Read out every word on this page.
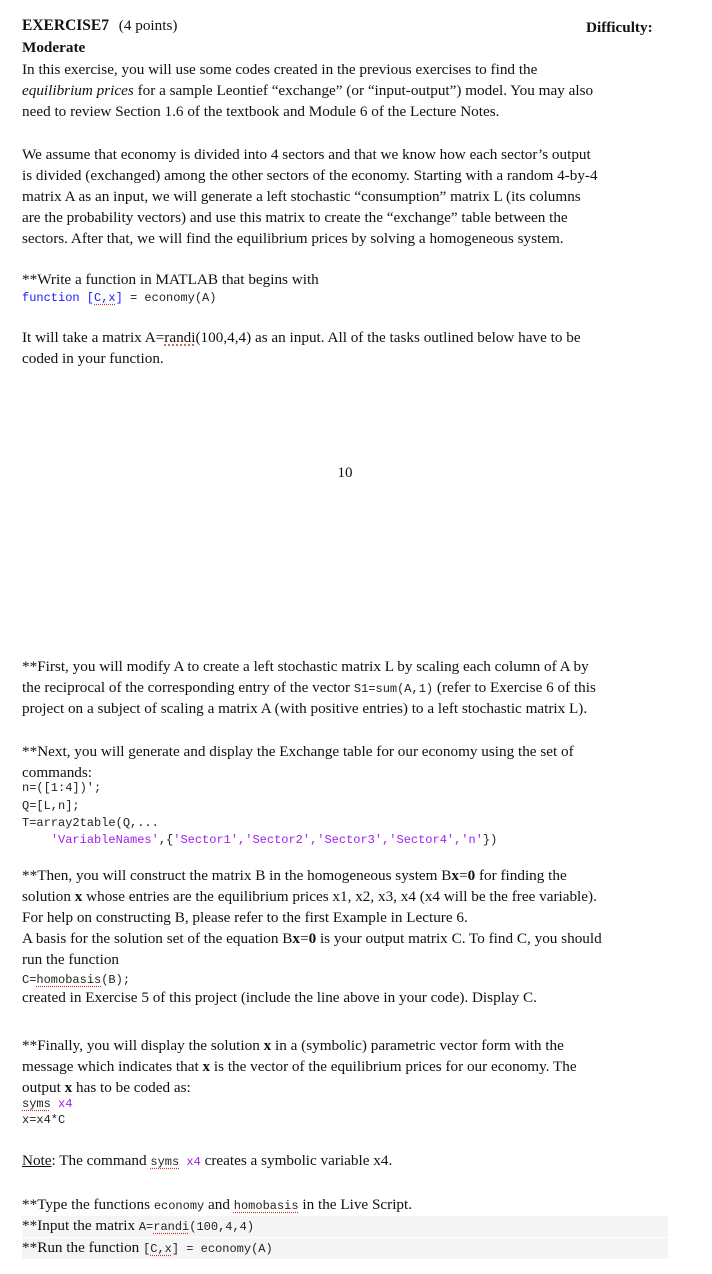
EXERCISE7 (4 points)	Difficulty:
Moderate
In this exercise, you will use some codes created in the previous exercises to find the
equilibrium prices for a sample Leontief “exchange” (or “input-output”) model. You may also
need to review Section 1.6 of the textbook and Module 6 of the Lecture Notes.
We assume that economy is divided into 4 sectors and that we know how each sector’s output
is divided (exchanged) among the other sectors of the economy. Starting with a random 4-by-4
matrix A as an input, we will generate a left stochastic “consumption” matrix L (its columns
are the probability vectors) and use this matrix to create the “exchange” table between the
sectors. After that, we will find the equilibrium prices by solving a homogeneous system.
**Write a function in MATLAB that begins with
function [C,x] = economy(A)
It will take a matrix A=randi(100,4,4) as an input. All of the tasks outlined below have to be
coded in your function.
10
**First, you will modify A to create a left stochastic matrix L by scaling each column of A by
the reciprocal of the corresponding entry of the vector S1=sum(A,1) (refer to Exercise 6 of this
project on a subject of scaling a matrix A (with positive entries) to a left stochastic matrix L).
**Next, you will generate and display the Exchange table for our economy using the set of
commands:
n=([1:4])';
Q=[L,n];
T=array2table(Q,...
'VariableNames',{'Sector1','Sector2','Sector3','Sector4','n'})
**Then, you will construct the matrix B in the homogeneous system Bx=0 for finding the
solution x whose entries are the equilibrium prices x1, x2, x3, x4 (x4 will be the free variable).
For help on constructing B, please refer to the first Example in Lecture 6.
A basis for the solution set of the equation Bx=0 is your output matrix C. To find C, you should
run the function
C=homobasis(B);
created in Exercise 5 of this project (include the line above in your code). Display C.
**Finally, you will display the solution x in a (symbolic) parametric vector form with the
message which indicates that x is the vector of the equilibrium prices for our economy. The
output x has to be coded as:
syms x4
x=x4*C
Note: The command syms x4 creates a symbolic variable x4.
**Type the functions economy and homobasis in the Live Script.
**Input the matrix A=randi(100,4,4)
**Run the function [C,x] = economy(A)
